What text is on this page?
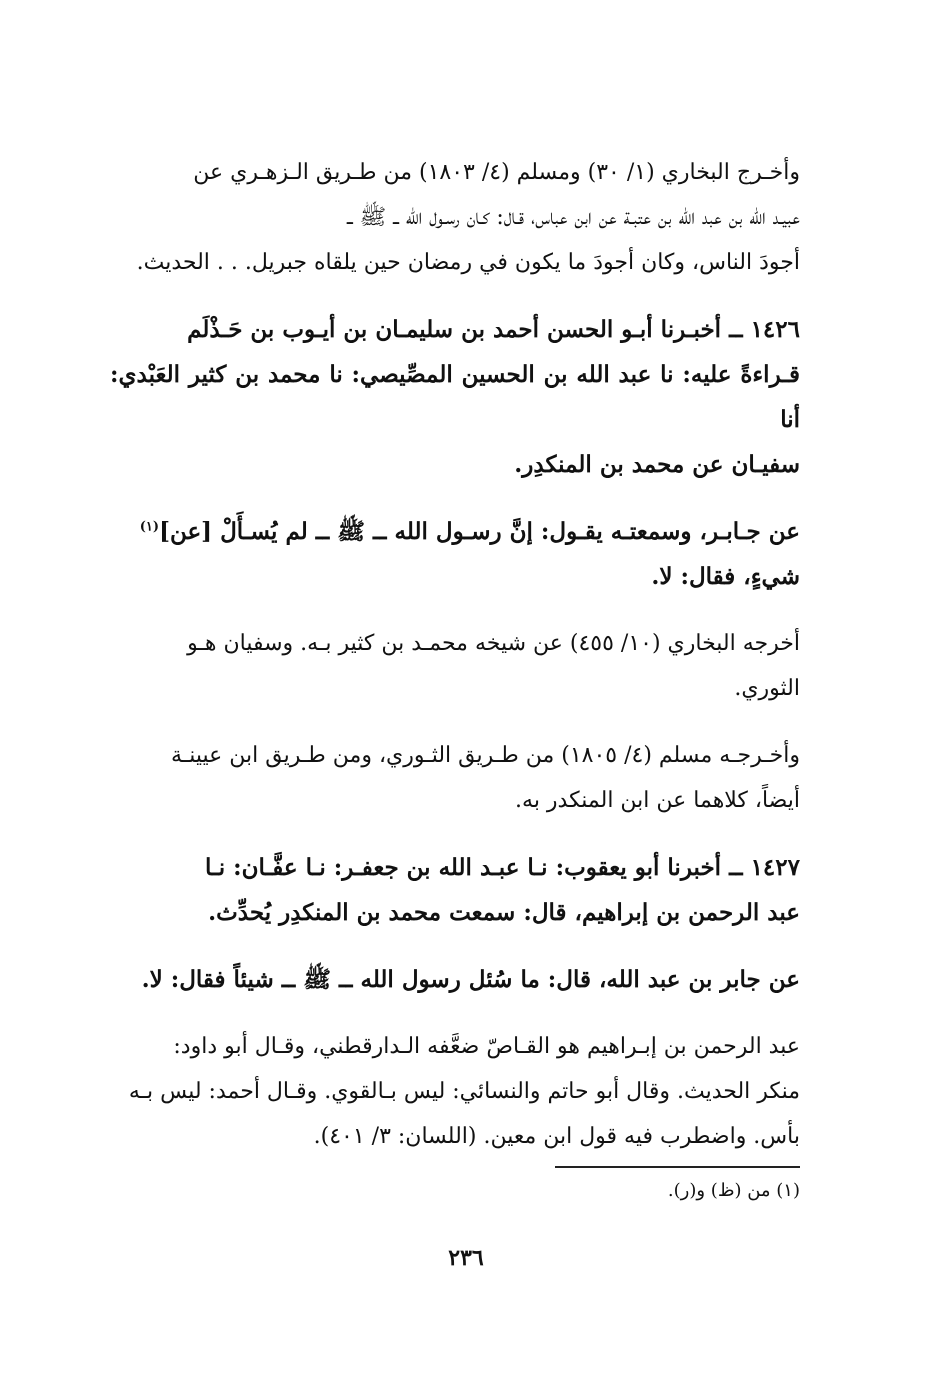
وأخـرج البخاري (١/ ٣٠) ومسلم (٤/ ١٨٠٣) من طـريق الـزهـري عن
عبيـد الله بن عبد الله بن عتبـة عن ابن عباس، قـال: كـان رسـول الله ــ ﷺ ــ
أجودَ الناس، وكان أجودَ ما يكون في رمضان حين يلقاه جبريل. . . الحديث.
١٤٢٦ ــ أخبـرنا أبـو الحسن أحمد بن سليمـان بن أيـوب بن حَـذْلَم
قـراءةً عليه: نا عبد الله بن الحسين المصِّيصي: نا محمد بن كثير العَبْدي: أنا
سفيـان عن محمد بن المنكدِر.
عن جـابـر، وسمعتـه يقـول: إنَّ رسـول الله ــ ﷺ ــ لم يُسـأَلْ [عن]$^{(١)}$
شيءٍ، فقال: لا.
أخرجه البخاري (١٠/ ٤٥٥) عن شيخه محمـد بن كثير بـه. وسفيان هـو
الثوري.
وأخـرجـه مسلم (٤/ ١٨٠٥) من طـريق الثـوري، ومن طـريق ابن عيينـة
أيضاً، كلاهما عن ابن المنكدر به.
١٤٢٧ ــ أخبرنا أبو يعقوب: نـا عبـد الله بن جعفـر: نـا عفَّـان: نـا
عبد الرحمن بن إبراهيم، قال: سمعت محمد بن المنكدِر يُحدِّث.
عن جابر بن عبد الله، قال: ما سُئل رسول الله ــ ﷺ ــ شيئاً فقال: لا.
عبد الرحمن بن إبـراهيم هو القـاصّ ضعَّفه الـدارقطني، وقـال أبو داود:
منكر الحديث. وقال أبو حاتم والنسائي: ليس بـالقوي. وقـال أحمد: ليس بـه
بأس. واضطرب فيه قول ابن معين. (اللسان: ٣/ ٤٠١).
(١) من (ظ) و(ر).
٢٣٦
